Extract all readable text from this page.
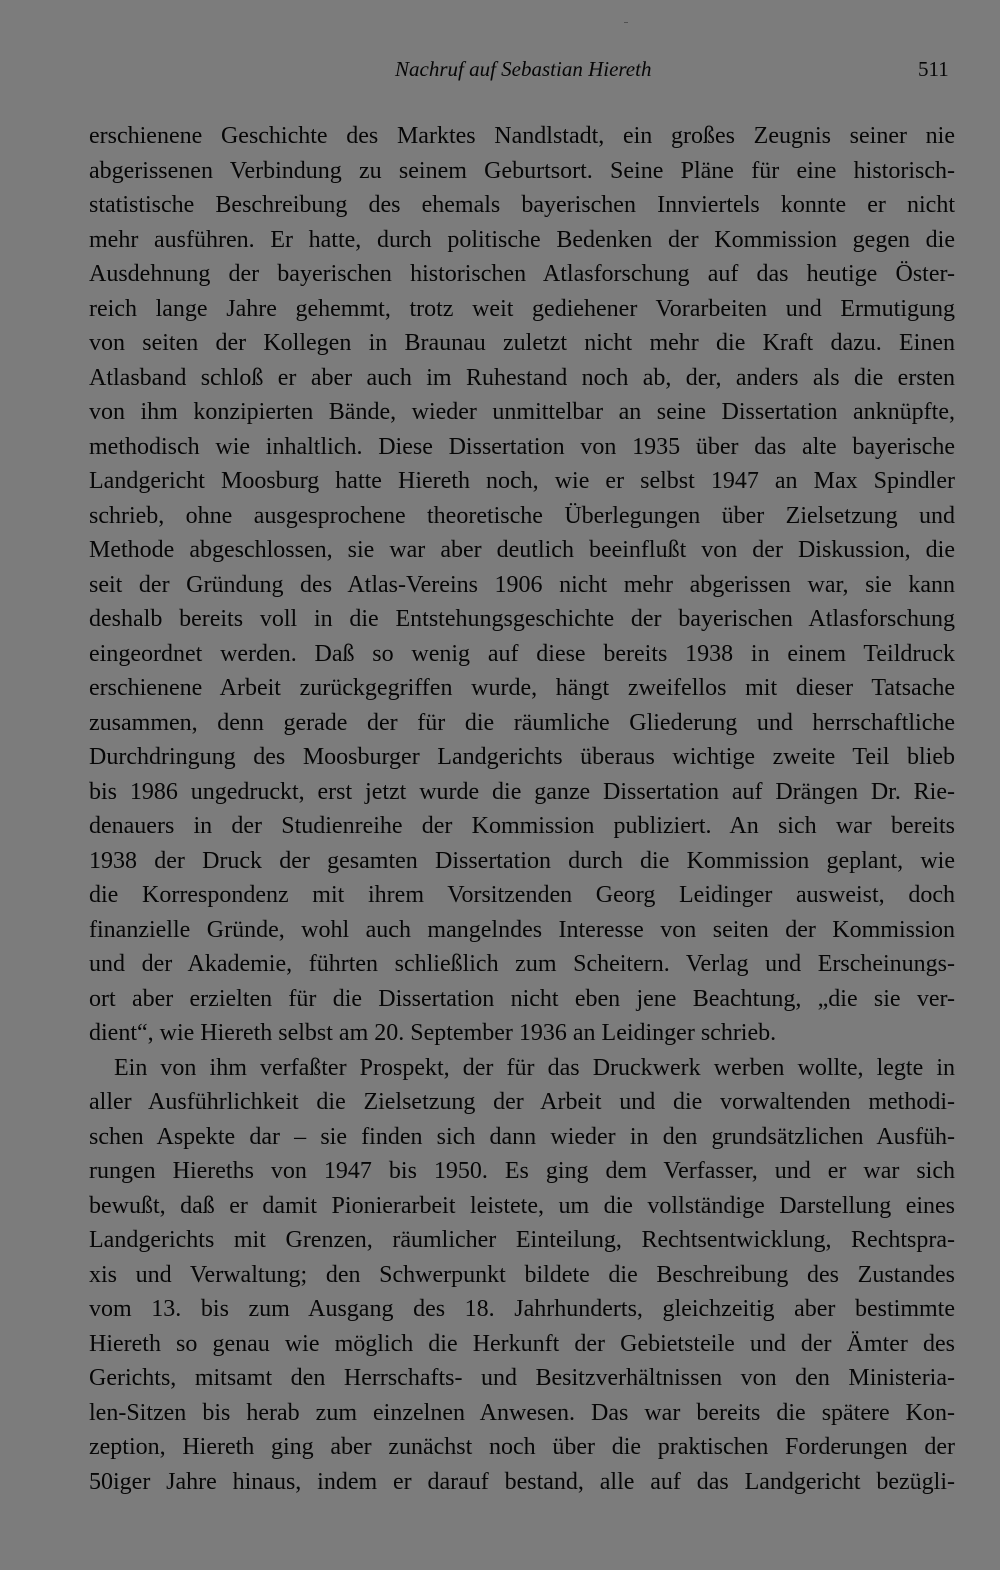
Nachruf auf Sebastian Hiereth	511
erschienene Geschichte des Marktes Nandlstadt, ein großes Zeugnis seiner nie
abgerissenen Verbindung zu seinem Geburtsort. Seine Pläne für eine historisch-
statistische Beschreibung des ehemals bayerischen Innviertels konnte er nicht
mehr ausführen. Er hatte, durch politische Bedenken der Kommission gegen die
Ausdehnung der bayerischen historischen Atlasforschung auf das heutige Öster-
reich lange Jahre gehemmt, trotz weit gediehener Vorarbeiten und Ermutigung
von seiten der Kollegen in Braunau zuletzt nicht mehr die Kraft dazu. Einen
Atlasband schloß er aber auch im Ruhestand noch ab, der, anders als die ersten
von ihm konzipierten Bände, wieder unmittelbar an seine Dissertation anknüpfte,
methodisch wie inhaltlich. Diese Dissertation von 1935 über das alte bayerische
Landgericht Moosburg hatte Hiereth noch, wie er selbst 1947 an Max Spindler
schrieb, ohne ausgesprochene theoretische Überlegungen über Zielsetzung und
Methode abgeschlossen, sie war aber deutlich beeinflußt von der Diskussion, die
seit der Gründung des Atlas-Vereins 1906 nicht mehr abgerissen war, sie kann
deshalb bereits voll in die Entstehungsgeschichte der bayerischen Atlasforschung
eingeordnet werden. Daß so wenig auf diese bereits 1938 in einem Teildruck
erschienene Arbeit zurückgegriffen wurde, hängt zweifellos mit dieser Tatsache
zusammen, denn gerade der für die räumliche Gliederung und herrschaftliche
Durchdringung des Moosburger Landgerichts überaus wichtige zweite Teil blieb
bis 1986 ungedruckt, erst jetzt wurde die ganze Dissertation auf Drängen Dr. Rie-
denauers in der Studienreihe der Kommission publiziert. An sich war bereits
1938 der Druck der gesamten Dissertation durch die Kommission geplant, wie
die Korrespondenz mit ihrem Vorsitzenden Georg Leidinger ausweist, doch
finanzielle Gründe, wohl auch mangelndes Interesse von seiten der Kommission
und der Akademie, führten schließlich zum Scheitern. Verlag und Erscheinungs-
ort aber erzielten für die Dissertation nicht eben jene Beachtung, „die sie ver-
dient“, wie Hiereth selbst am 20. September 1936 an Leidinger schrieb.
Ein von ihm verfaßter Prospekt, der für das Druckwerk werben wollte, legte in
aller Ausführlichkeit die Zielsetzung der Arbeit und die vorwaltenden methodi-
schen Aspekte dar – sie finden sich dann wieder in den grundsätzlichen Ausfüh-
rungen Hiereths von 1947 bis 1950. Es ging dem Verfasser, und er war sich
bewußt, daß er damit Pionierarbeit leistete, um die vollständige Darstellung eines
Landgerichts mit Grenzen, räumlicher Einteilung, Rechtsentwicklung, Rechtspra-
xis und Verwaltung; den Schwerpunkt bildete die Beschreibung des Zustandes
vom 13. bis zum Ausgang des 18. Jahrhunderts, gleichzeitig aber bestimmte
Hiereth so genau wie möglich die Herkunft der Gebietsteile und der Ämter des
Gerichts, mitsamt den Herrschafts- und Besitzverhältnissen von den Ministeria-
len-Sitzen bis herab zum einzelnen Anwesen. Das war bereits die spätere Kon-
zeption, Hiereth ging aber zunächst noch über die praktischen Forderungen der
50iger Jahre hinaus, indem er darauf bestand, alle auf das Landgericht bezügli-
